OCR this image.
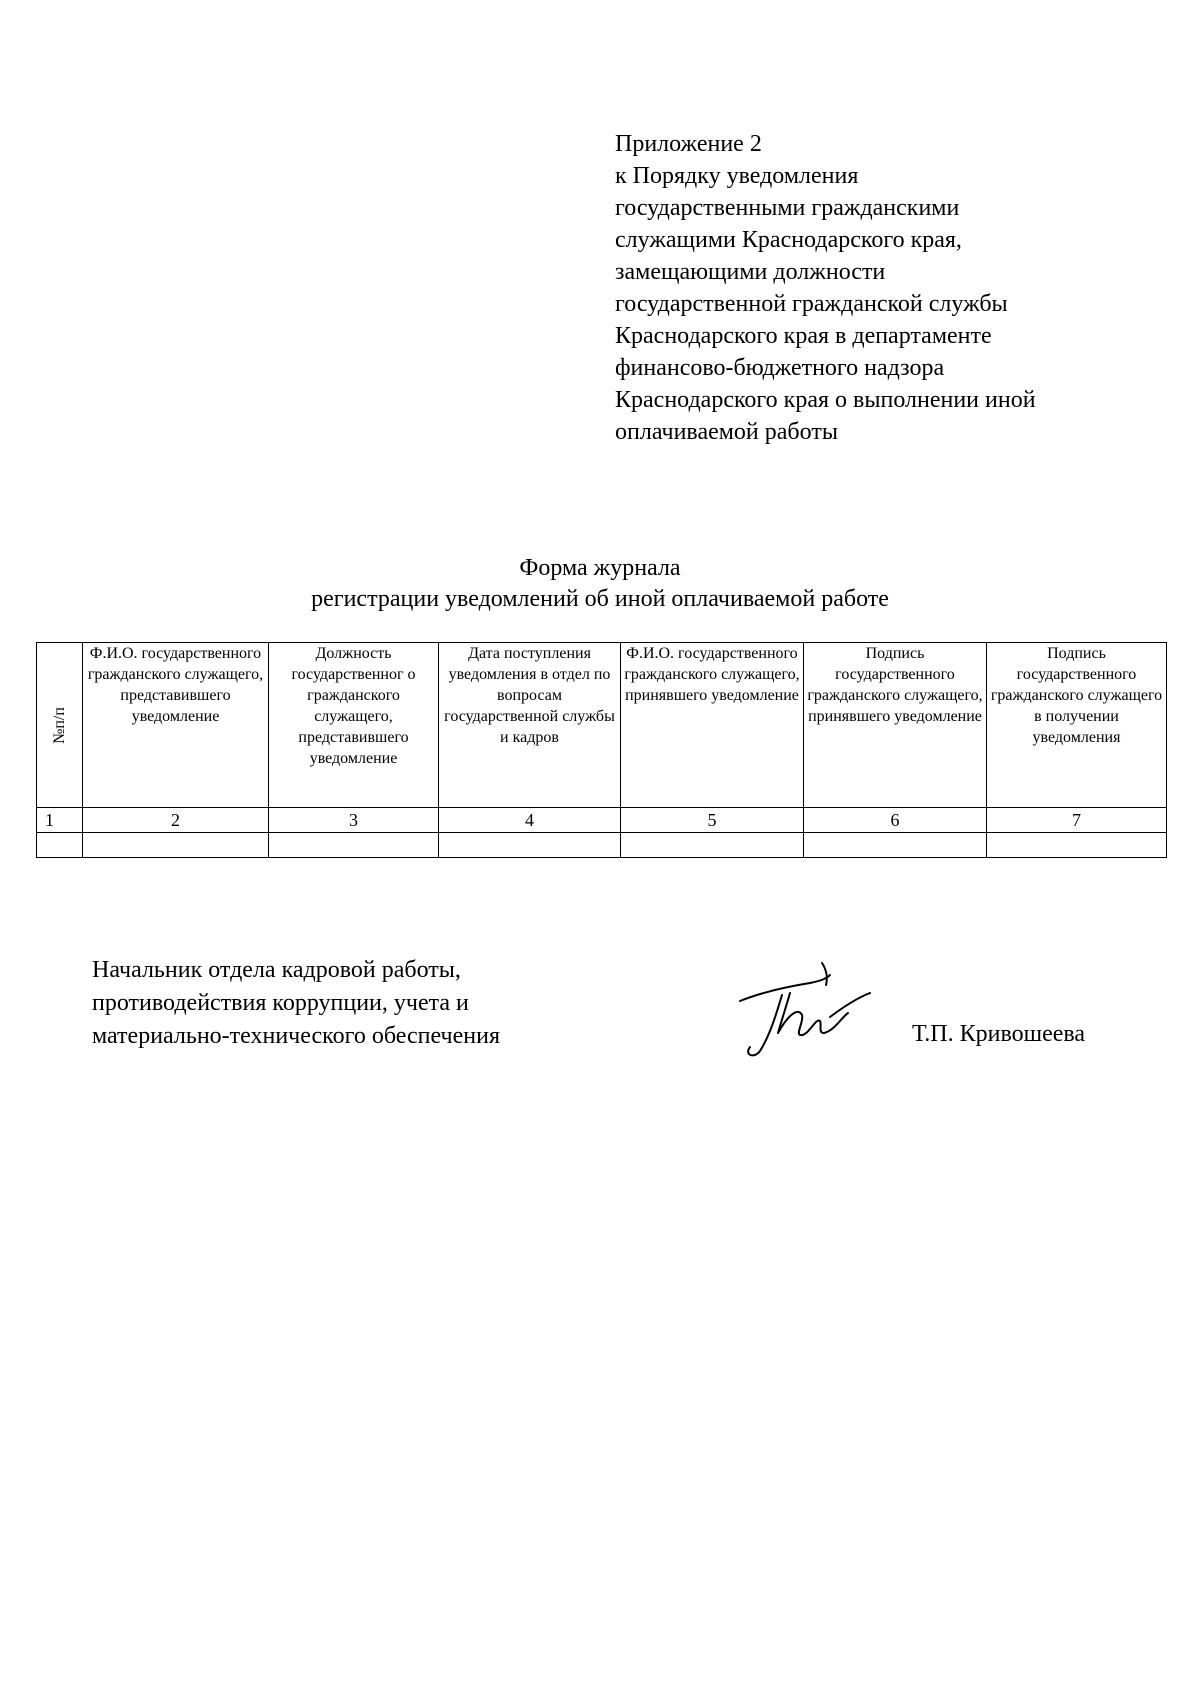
Приложение 2
к Порядку уведомления
государственными гражданскими
служащими Краснодарского края,
замещающими должности
государственной гражданской службы
Краснодарского края в департаменте
финансово-бюджетного надзора
Краснодарского края о выполнении иной
оплачиваемой работы
Форма журнала
регистрации уведомлений об иной оплачиваемой работе
№п/п	Ф.И.О. государственного гражданского служащего, представившего уведомление	Должность государственног о гражданского служащего, представившего уведомление	Дата поступления уведомления в отдел по вопросам государственной службы и кадров	Ф.И.О. государственного гражданского служащего, принявшего уведомление	Подпись государственного гражданского служащего, принявшего уведомление	Подпись государственного гражданского служащего в получении уведомления
1	2	3	4	5	6	7

Начальник отдела кадровой работы,
противодействия коррупции, учета и
материально-технического обеспечения	Т.П. Кривошеева
